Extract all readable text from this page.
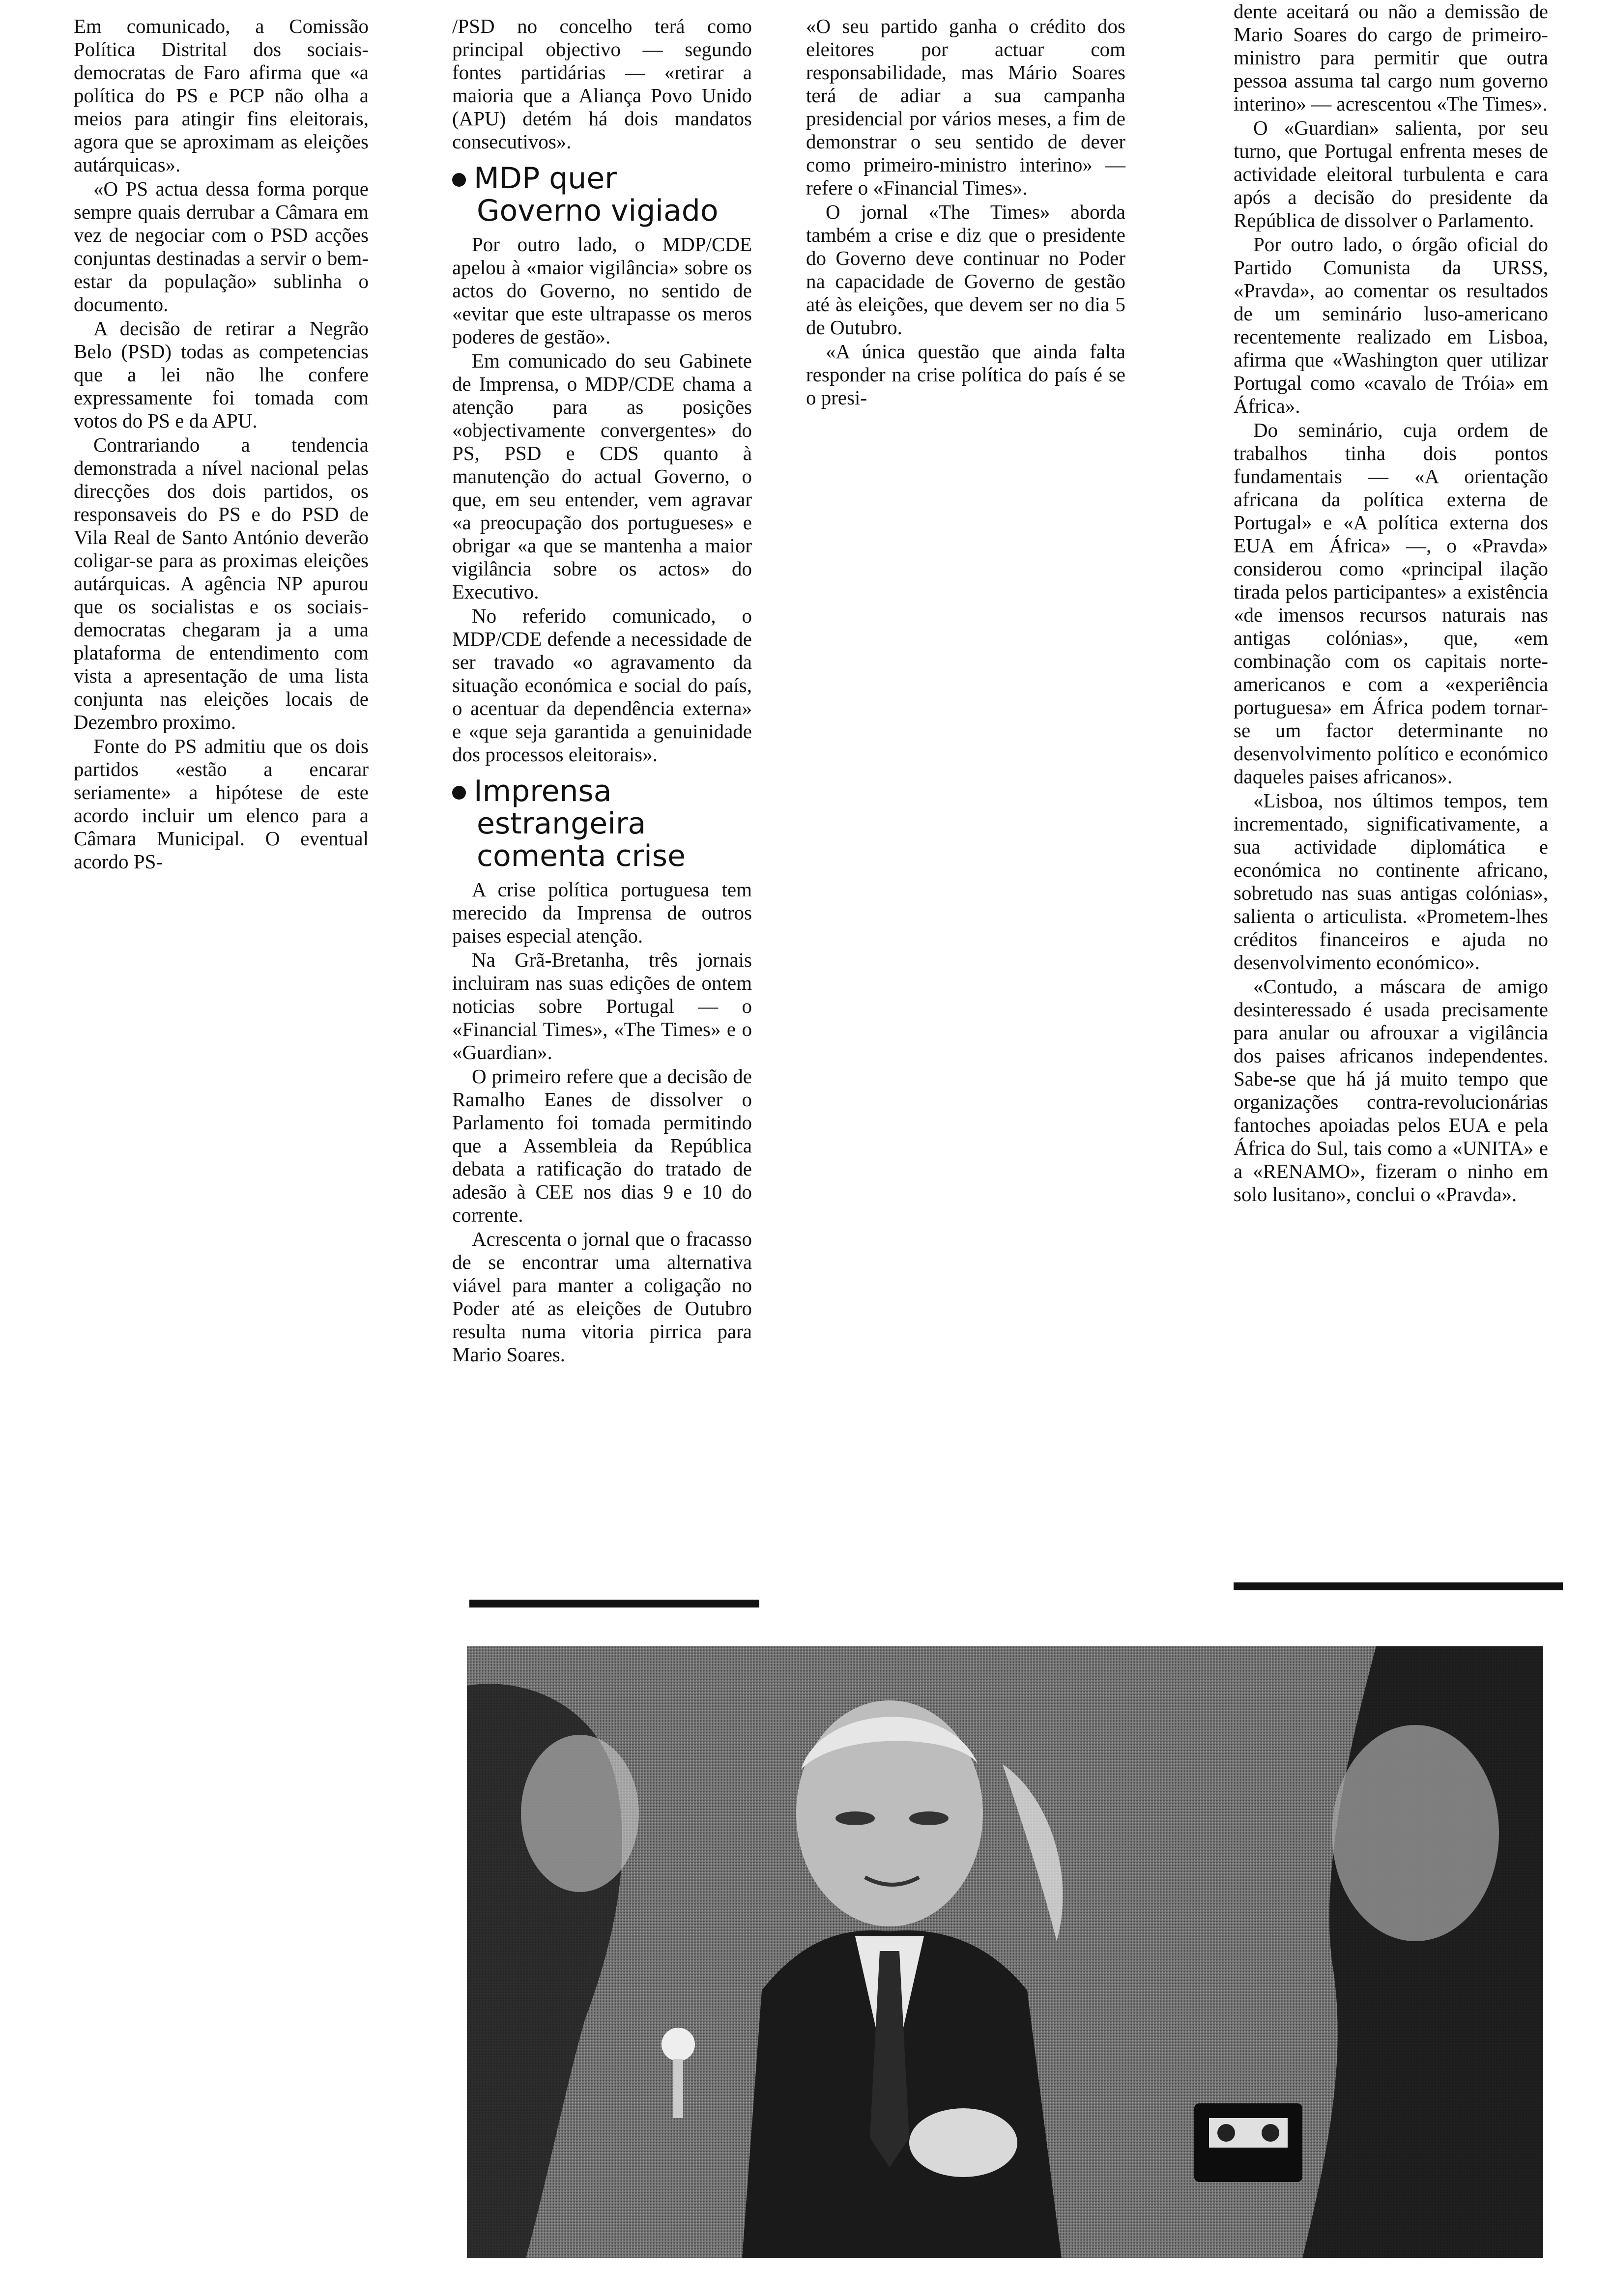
Em comunicado, a Comissão Política Distrital dos sociais-democratas de Faro afirma que «a política do PS e PCP não olha a meios para atingir fins eleitorais, agora que se aproximam as eleições autárquicas».

«O PS actua dessa forma porque sempre quais derrubar a Câmara em vez de negociar com o PSD acções conjuntas destinadas a servir o bem-estar da população» sublinha o documento.

A decisão de retirar a Negrão Belo (PSD) todas as competencias que a lei não lhe confere expressamente foi tomada com votos do PS e da APU.

Contrariando a tendencia demonstrada a nível nacional pelas direcções dos dois partidos, os responsaveis do PS e do PSD de Vila Real de Santo António deverão coligar-se para as proximas eleições autárquicas. A agência NP apurou que os socialistas e os sociais-democratas chegaram ja a uma plataforma de entendimento com vista a apresentação de uma lista conjunta nas eleições locais de Dezembro proximo.

Fonte do PS admitiu que os dois partidos «estão a encarar seriamente» a hipótese de este acordo incluir um elenco para a Câmara Municipal. O eventual acordo PS-

/PSD no concelho terá como principal objectivo — segundo fontes partidárias — «retirar a maioria que a Aliança Povo Unido (APU) detém há dois mandatos consecutivos».

MDP quer
Governo vigiado

Por outro lado, o MDP/CDE apelou à «maior vigilância» sobre os actos do Governo, no sentido de «evitar que este ultrapasse os meros poderes de gestão».

Em comunicado do seu Gabinete de Imprensa, o MDP/CDE chama a atenção para as posições «objectivamente convergentes» do PS, PSD e CDS quanto à manutenção do actual Governo, o que, em seu entender, vem agravar «a preocupação dos portugueses» e obrigar «a que se mantenha a maior vigilância sobre os actos» do Executivo.

No referido comunicado, o MDP/CDE defende a necessidade de ser travado «o agravamento da situação económica e social do país, o acentuar da dependência externa» e «que seja garantida a genuinidade dos processos eleitorais».

Imprensa
estrangeira
comenta crise

A crise política portuguesa tem merecido da Imprensa de outros paises especial atenção.

Na Grã-Bretanha, três jornais incluiram nas suas edições de ontem noticias sobre Portugal — o «Financial Times», «The Times» e o «Guardian».

O primeiro refere que a decisão de Ramalho Eanes de dissolver o Parlamento foi tomada permitindo que a Assembleia da República debata a ratificação do tratado de adesão à CEE nos dias 9 e 10 do corrente.

Acrescenta o jornal que o fracasso de se encontrar uma alternativa viável para manter a coligação no Poder até as eleições de Outubro resulta numa vitoria pirrica para Mario Soares.

«O seu partido ganha o crédito dos eleitores por actuar com responsabilidade, mas Mário Soares terá de adiar a sua campanha presidencial por vários meses, a fim de demonstrar o seu sentido de dever como primeiro-ministro interino» — refere o «Financial Times».

O jornal «The Times» aborda também a crise e diz que o presidente do Governo deve continuar no Poder na capacidade de Governo de gestão até às eleições, que devem ser no dia 5 de Outubro.

«A única questão que ainda falta responder na crise política do país é se o presi-

dente aceitará ou não a demissão de Mario Soares do cargo de primeiro-ministro para permitir que outra pessoa assuma tal cargo num governo interino» — acrescentou «The Times».

O «Guardian» salienta, por seu turno, que Portugal enfrenta meses de actividade eleitoral turbulenta e cara após a decisão do presidente da República de dissolver o Parlamento.

Por outro lado, o órgão oficial do Partido Comunista da URSS, «Pravda», ao comentar os resultados de um seminário luso-americano recentemente realizado em Lisboa, afirma que «Washington quer utilizar Portugal como «cavalo de Tróia» em África».

Do seminário, cuja ordem de trabalhos tinha dois pontos fundamentais — «A orientação africana da política externa de Portugal» e «A política externa dos EUA em África» —, o «Pravda» considerou como «principal ilação tirada pelos participantes» a existência «de imensos recursos naturais nas antigas colónias», que, «em combinação com os capitais norte-americanos e com a «experiência portuguesa» em África podem tornar-se um factor determinante no desenvolvimento político e económico daqueles paises africanos».

«Lisboa, nos últimos tempos, tem incrementado, significativamente, a sua actividade diplomática e económica no continente africano, sobretudo nas suas antigas colónias», salienta o articulista. «Prometem-lhes créditos financeiros e ajuda no desenvolvimento económico».

«Contudo, a máscara de amigo desinteressado é usada precisamente para anular ou afrouxar a vigilância dos paises africanos independentes. Sabe-se que há já muito tempo que organizações contra-revolucionárias fantoches apoiadas pelos EUA e pela África do Sul, tais como a «UNITA» e a «RENAMO», fizeram o ninho em solo lusitano», conclui o «Pravda».
